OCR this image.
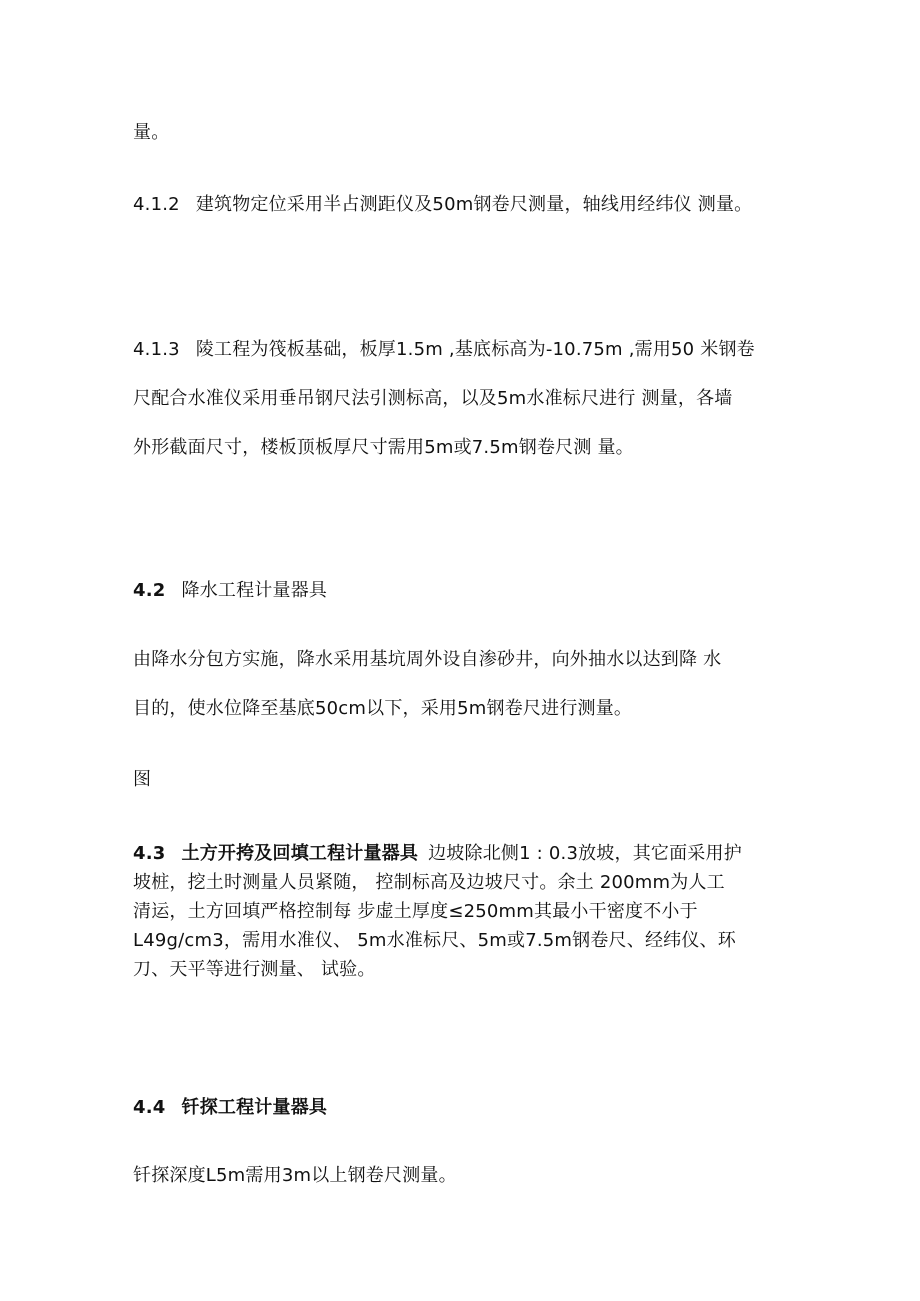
量。
4.1.2 建筑物定位采用半占测距仪及50m钢卷尺测量，轴线用经纬仪 测量。
4.1.3 陵工程为筏板基础，板厚1.5m ,基底标高为-10.75m ,需用50 米钢卷
尺配合水准仪采用垂吊钢尺法引测标高，以及5m水准标尺进行 测量，各墙
外形截面尺寸，楼板顶板厚尺寸需用5m或7.5m钢卷尺测 量。
4.2 降水工程计量器具
由降水分包方实施，降水采用基坑周外设自渗砂井，向外抽水以达到降 水
目的，使水位降至基底50cm以下，采用5m钢卷尺进行测量。
图
4.3 土方开挎及回填工程计量器具 边坡除北侧1 : 0.3放坡，其它面采用护
坡桩，挖土时测量人员紧随， 控制标高及边坡尺寸。余土 200mm为人工
清运，土方回填严格控制每 步虚土厚度≤250mm其最小干密度不小于
L49g∕cm3，需用水准仪、 5m水准标尺、5m或7.5m钢卷尺、经纬仪、环
刀、天平等进行测量、 试验。
4.4 钎探工程计量器具
钎探深度L5m需用3m以上钢卷尺测量。
